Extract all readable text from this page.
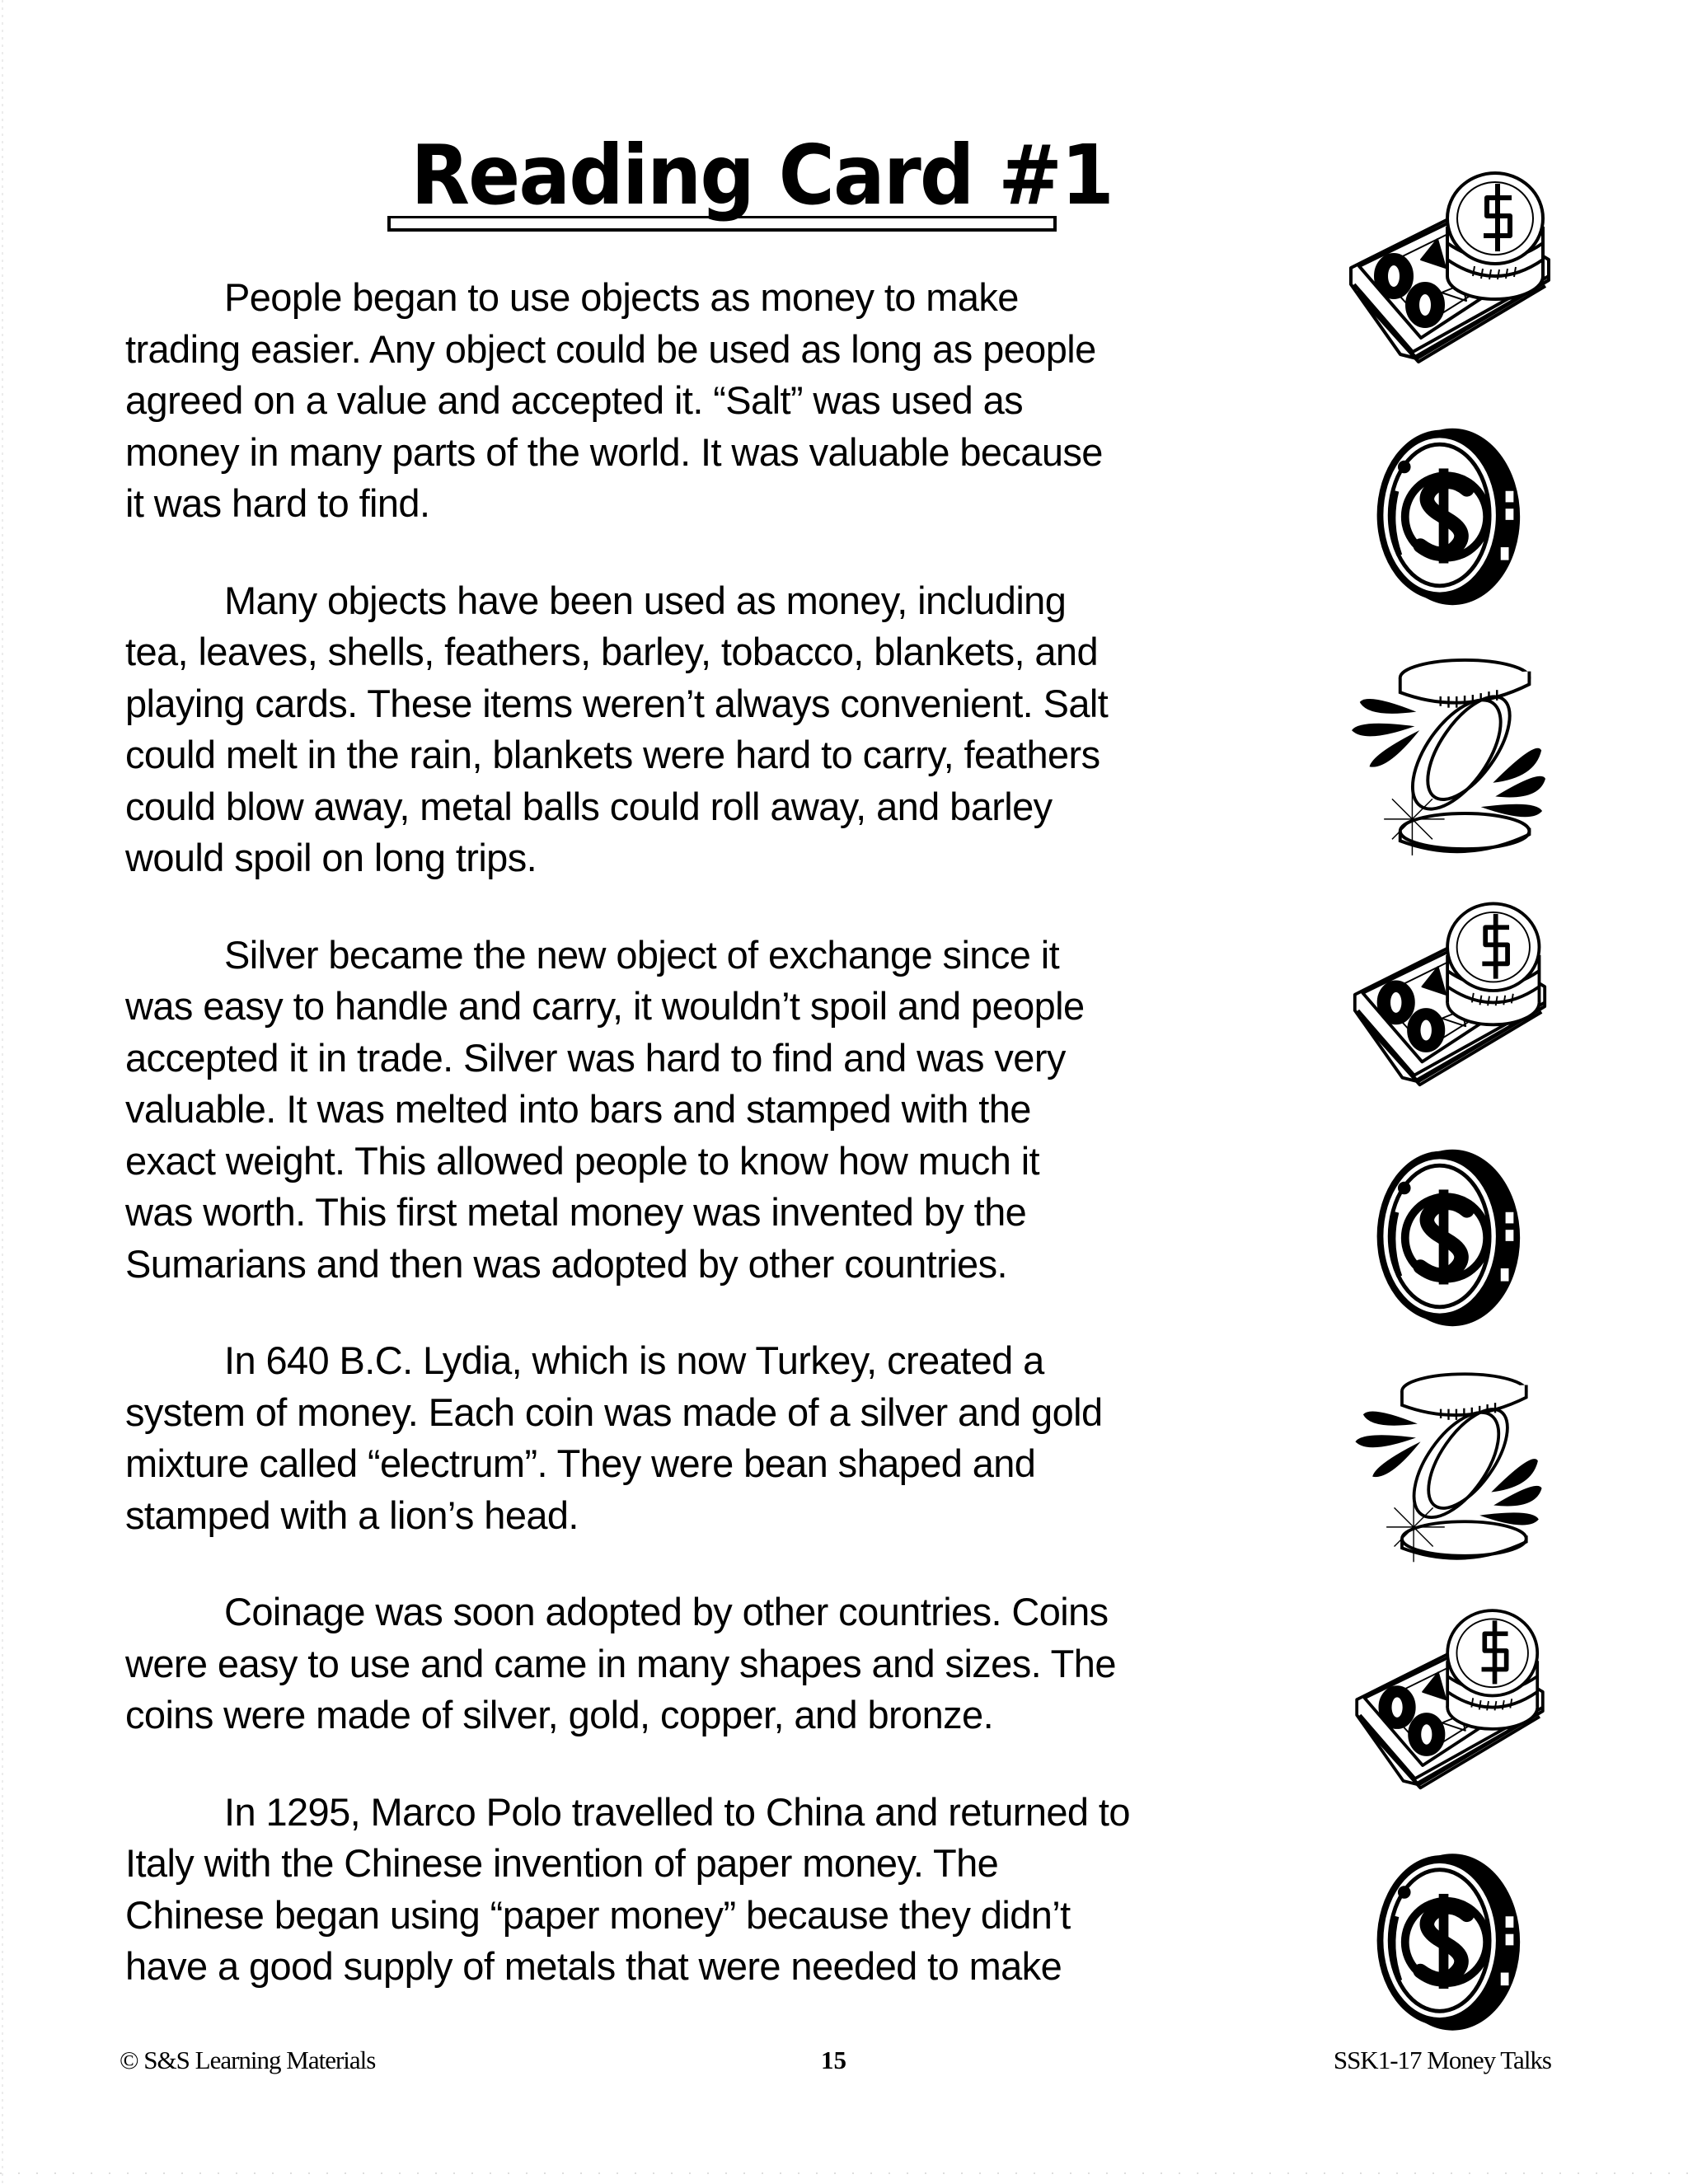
Reading Card #1
People began to use objects as money to make
trading easier. Any object could be used as long as people
agreed on a value and accepted it. “Salt” was used as
money in many parts of the world. It was valuable because
it was hard to find.
Many objects have been used as money, including
tea, leaves, shells, feathers, barley, tobacco, blankets, and
playing cards. These items weren’t always convenient. Salt
could melt in the rain, blankets were hard to carry, feathers
could blow away, metal balls could roll away, and barley
would spoil on long trips.
Silver became the new object of exchange since it
was easy to handle and carry, it wouldn’t spoil and people
accepted it in trade. Silver was hard to find and was very
valuable. It was melted into bars and stamped with the
exact weight. This allowed people to know how much it
was worth. This first metal money was invented by the
Sumarians and then was adopted by other countries.
In 640 B.C. Lydia, which is now Turkey, created a
system of money. Each coin was made of a silver and gold
mixture called “electrum”. They were bean shaped and
stamped with a lion’s head.
Coinage was soon adopted by other countries. Coins
were easy to use and came in many shapes and sizes. The
coins were made of silver, gold, copper, and bronze.
In 1295, Marco Polo travelled to China and returned to
Italy with the Chinese invention of paper money. The
Chinese began using “paper money” because they didn’t
have a good supply of metals that were needed to make
© S&S Learning Materials	15	SSK1-17 Money Talks
